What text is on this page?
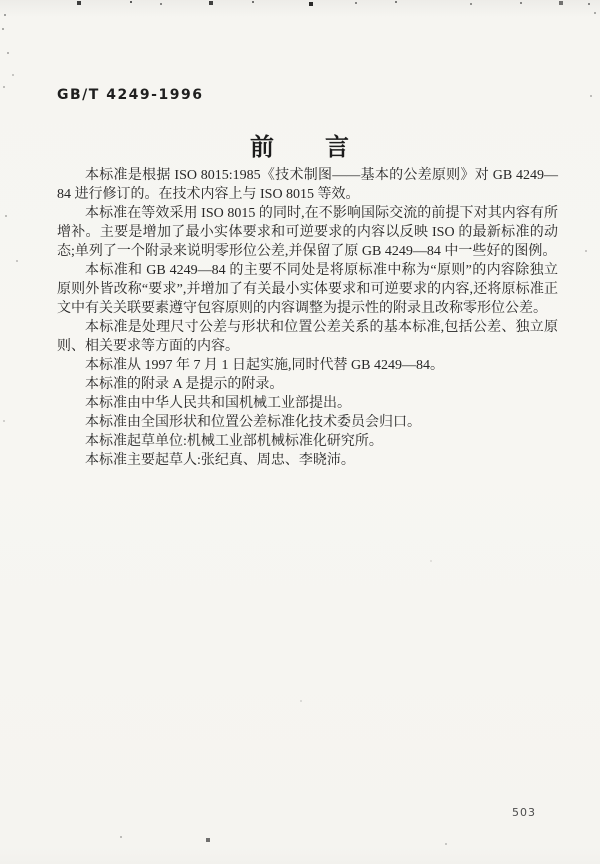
GB/T 4249-1996
前 言

本标准是根据 ISO 8015:1985《技术制图——基本的公差原则》对 GB 4249—84 进行修订的。在技术内容上与 ISO 8015 等效。

本标准在等效采用 ISO 8015 的同时,在不影响国际交流的前提下对其内容有所增补。主要是增加了最小实体要求和可逆要求的内容以反映 ISO 的最新标准的动态;单列了一个附录来说明零形位公差,并保留了原 GB 4249—84 中一些好的图例。

本标准和 GB 4249—84 的主要不同处是将原标准中称为“原则”的内容除独立原则外皆改称“要求”,并增加了有关最小实体要求和可逆要求的内容,还将原标准正文中有关关联要素遵守包容原则的内容调整为提示性的附录且改称零形位公差。

本标准是处理尺寸公差与形状和位置公差关系的基本标准,包括公差、独立原则、相关要求等方面的内容。

本标准从 1997 年 7 月 1 日起实施,同时代替 GB 4249—84。

本标准的附录 A 是提示的附录。

本标准由中华人民共和国机械工业部提出。

本标准由全国形状和位置公差标准化技术委员会归口。

本标准起草单位:机械工业部机械标准化研究所。

本标准主要起草人:张纪真、周忠、李晓沛。

503
